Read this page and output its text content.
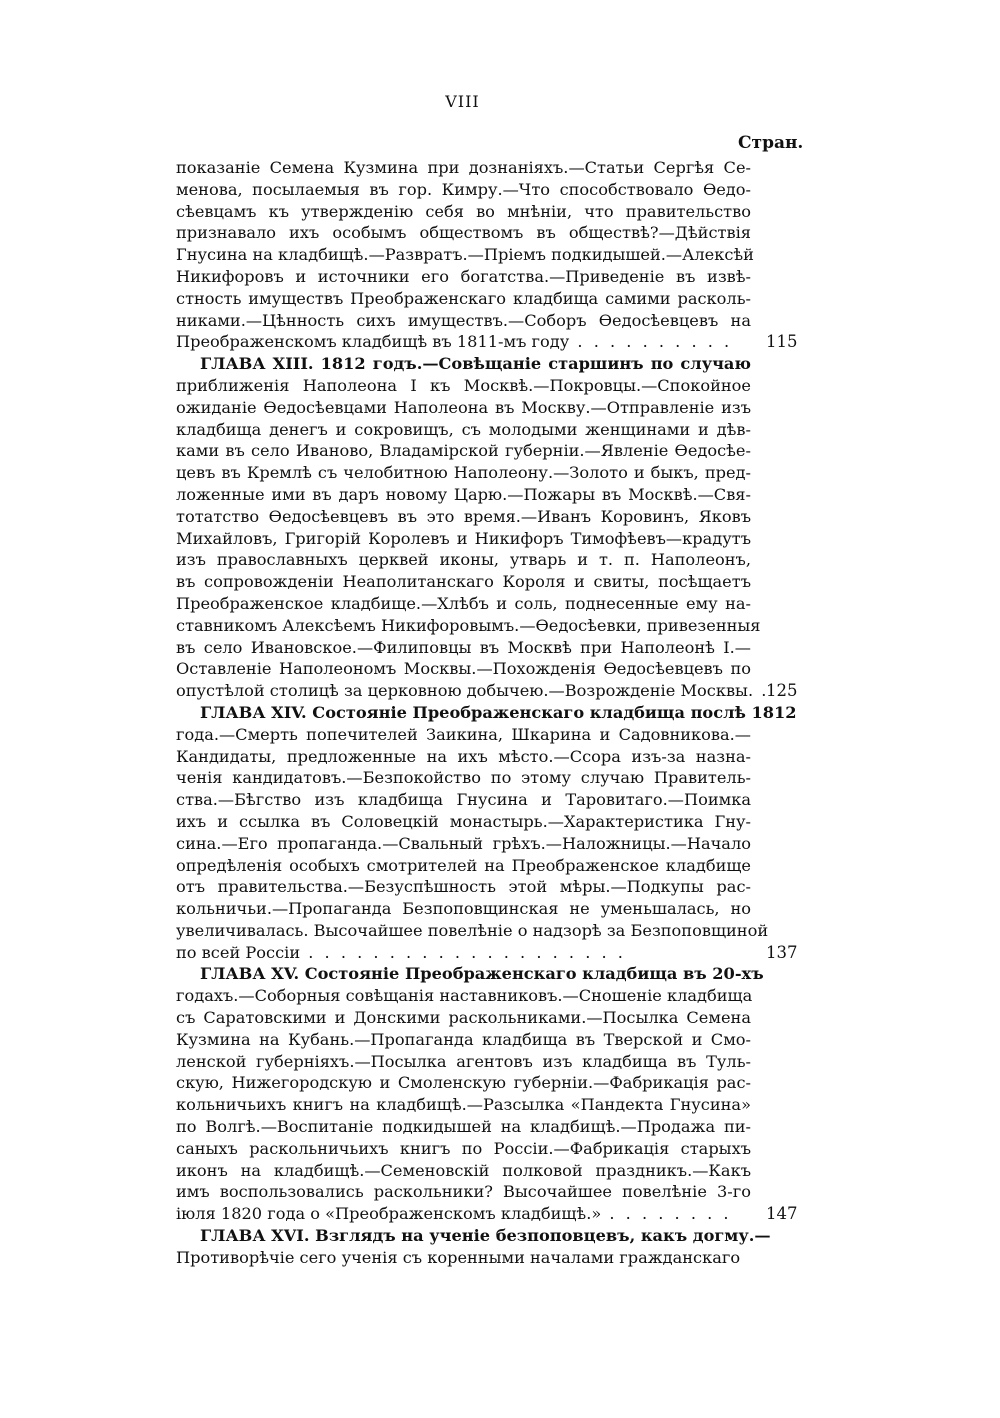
VIII
Стран.
показаніе Семена Кузмина при дознаніяхъ.—Статьи Сергѣя Се-
менова, посылаемыя въ гор. Кимру.—Что способствовало Ѳедо-
сѣевцамъ къ утвержденію себя во мнѣніи, что правительство
признавало ихъ особымъ обществомъ въ обществѣ?—Дѣйствія
Гнусина на кладбищѣ.—Развратъ.—Пріемъ подкидышей.—Алексѣй
Никифоровъ и источники его богатства.—Приведеніе въ извѣ-
стность имуществъ Преображенскаго кладбища самими расколь-
никами.—Цѣнность сихъ имуществъ.—Соборъ Ѳедосѣевцевъ на
Преображенскомъ кладбищѣ въ 1811-мъ году . . . . . . . . . . 115
ГЛАВА XIII. 1812 годъ.—Совѣщаніе старшинъ по случаю
приближенія Наполеона I къ Москвѣ.—Покровцы.—Спокойное
ожиданіе Ѳедосѣевцами Наполеона въ Москву.—Отправленіе изъ
кладбища денегъ и сокровищъ, съ молодыми женщинами и дѣв-
ками въ село Иваново, Владамірской губерніи.—Явленіе Ѳедосѣе-
цевъ въ Кремлѣ съ челобитною Наполеону.—Золото и быкъ, пред-
ложенные ими въ даръ новому Царю.—Пожары въ Москвѣ.—Свя-
тотатство Ѳедосѣевцевъ въ это время.—Иванъ Коровинъ, Яковъ
Михайловъ, Григорій Королевъ и Никифоръ Тимофѣевъ—крадутъ
изъ православныхъ церквей иконы, утварь и т. п. Наполеонъ,
въ сопровожденіи Неаполитанскаго Короля и свиты, посѣщаетъ
Преображенское кладбище.—Хлѣбъ и соль, поднесенные ему на-
ставникомъ Алексѣемъ Никифоровымъ.—Ѳедосѣевки, привезенныя
въ село Ивановское.—Филиповцы въ Москвѣ при Наполеонѣ I.—
Оставленіе Наполеономъ Москвы.—Похожденія Ѳедосѣевцевъ по
опустѣлой столицѣ за церковною добычею.—Возрожденіе Москвы. .
125
ГЛАВА XIV. Состояніе Преображенскаго кладбища послѣ 1812
года.—Смерть попечителей Заикина, Шкарина и Садовникова.—
Кандидаты, предложенные на ихъ мѣсто.—Ссора изъ-за назна-
ченія кандидатовъ.—Безпокойство по этому случаю Правитель-
ства.—Бѣгство изъ кладбища Гнусина и Таровитаго.—Поимка
ихъ и ссылка въ Соловецкій монастырь.—Характеристика Гну-
сина.—Его пропаганда.—Свальный грѣхъ.—Наложницы.—Начало
опредѣленія особыхъ смотрителей на Преображенское кладбище
отъ правительства.—Безуспѣшность этой мѣры.—Подкупы рас-
кольничьи.—Пропаганда Безпоповщинская не уменьшалась, но
увеличивалась. Высочайшее повелѣніе о надзорѣ за Безпоповщиной
по всей Россіи . . . . . . . . . . . . . . . . . . . .	137
ГЛАВА XV. Состояніе Преображенскаго кладбища въ 20-хъ
годахъ.—Соборныя совѣщанія наставниковъ.—Сношеніе кладбища
съ Саратовскими и Донскими раскольниками.—Посылка Семена
Кузмина на Кубань.—Пропаганда кладбища въ Тверской и Смо-
ленской губерніяхъ.—Посылка агентовъ изъ кладбища въ Туль-
скую, Нижегородскую и Смоленскую губерніи.—Фабрикація рас-
кольничьихъ книгъ на кладбищѣ.—Разсылка «Пандекта Гнусина»
по Волгѣ.—Воспитаніе подкидышей на кладбищѣ.—Продажа пи-
саныхъ раскольничьихъ книгъ по Россіи.—Фабрикація старыхъ
иконъ на кладбищѣ.—Семеновскій полковой праздникъ.—Какъ
имъ воспользовались раскольники? Высочайшее повелѣніе 3-го
іюля 1820 года о «Преображенскомъ кладбищѣ.» . . . . . . . . 147
ГЛАВА XVI. Взглядъ на ученіе безпоповцевъ, какъ догму.—
Противорѣчіе сего ученія съ коренными началами гражданскаго
